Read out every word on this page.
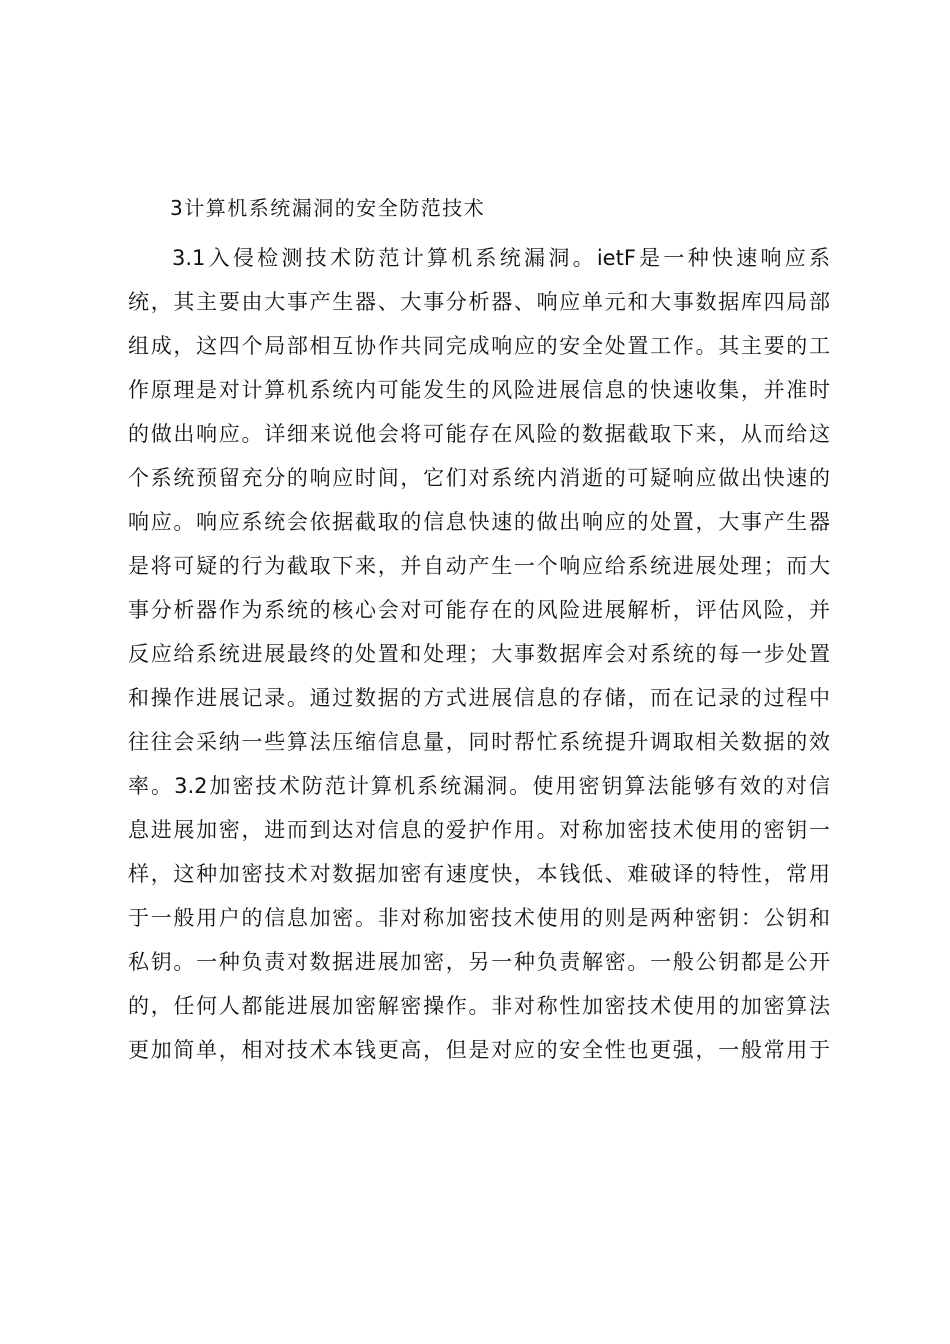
3计算机系统漏洞的安全防范技术
3.1入侵检测技术防范计算机系统漏洞。ietF是一种快速响应系
统，其主要由大事产生器、大事分析器、响应单元和大事数据库四局部
组成，这四个局部相互协作共同完成响应的安全处置工作。其主要的工
作原理是对计算机系统内可能发生的风险进展信息的快速收集，并准时
的做出响应。详细来说他会将可能存在风险的数据截取下来，从而给这
个系统预留充分的响应时间，它们对系统内消逝的可疑响应做出快速的
响应。响应系统会依据截取的信息快速的做出响应的处置，大事产生器
是将可疑的行为截取下来，并自动产生一个响应给系统进展处理；而大
事分析器作为系统的核心会对可能存在的风险进展解析，评估风险，并
反应给系统进展最终的处置和处理；大事数据库会对系统的每一步处置
和操作进展记录。通过数据的方式进展信息的存储，而在记录的过程中
往往会采纳一些算法压缩信息量，同时帮忙系统提升调取相关数据的效
率。3.2加密技术防范计算机系统漏洞。使用密钥算法能够有效的对信
息进展加密，进而到达对信息的爱护作用。对称加密技术使用的密钥一
样，这种加密技术对数据加密有速度快，本钱低、难破译的特性，常用
于一般用户的信息加密。非对称加密技术使用的则是两种密钥：公钥和
私钥。一种负责对数据进展加密，另一种负责解密。一般公钥都是公开
的，任何人都能进展加密解密操作。非对称性加密技术使用的加密算法
更加简单，相对技术本钱更高，但是对应的安全性也更强，一般常用于
